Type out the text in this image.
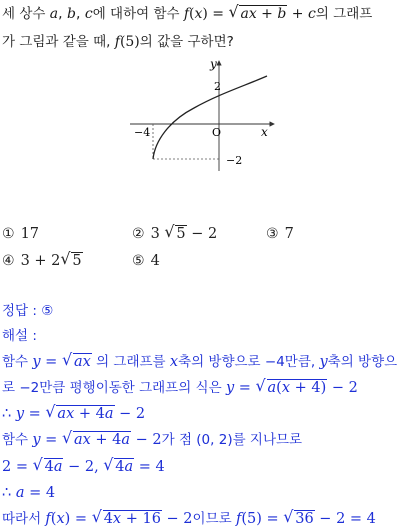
세 상수 a, b, c에 대하여 함수 f(x) = √ ax + b + c의 그래프
가 그림과 같을 때, f(5)의 값을 구하면?
y
x
O
2
−4
−2
① 17	② 3 √ 5 − 2	③ 7
④ 3 + 2 √ 5	⑤ 4
정답 : ⑤
해설 :
함수 y = √ ax 의 그래프를 x축의 방향으로 −4만큼, y축의 방향으
로 −2만큼 평행이동한 그래프의 식은 y = √ a(x + 4) − 2
∴ y = √ ax + 4a − 2
함수 y = √ ax + 4a − 2가 점 (0, 2)를 지나므로
2 = √ 4a − 2, √ 4a = 4
∴ a = 4
따라서 f(x) = √ 4x + 16 − 2이므로 f(5) = √ 36 − 2 = 4
